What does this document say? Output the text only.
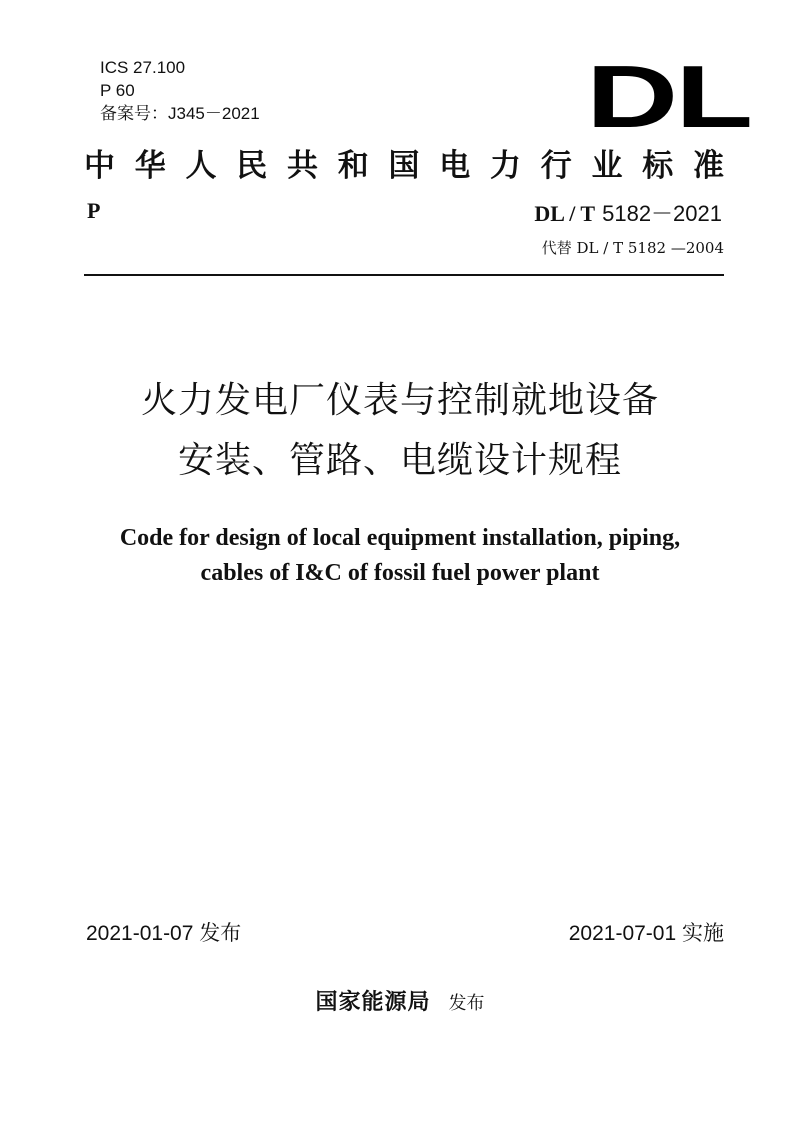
ICS 27.100
P 60
备案号：J345－2021	DL
中 华 人 民 共 和 国 电 力 行 业 标 准
P	DL / T 5182－2021
代替 DL / T 5182 —2004
火力发电厂仪表与控制就地设备
安装、管路、电缆设计规程
Code for design of local equipment installation, piping,
cables of I&C of fossil fuel power plant
2021-01-07 发布	2021-07-01 实施
国家能源局 发布
